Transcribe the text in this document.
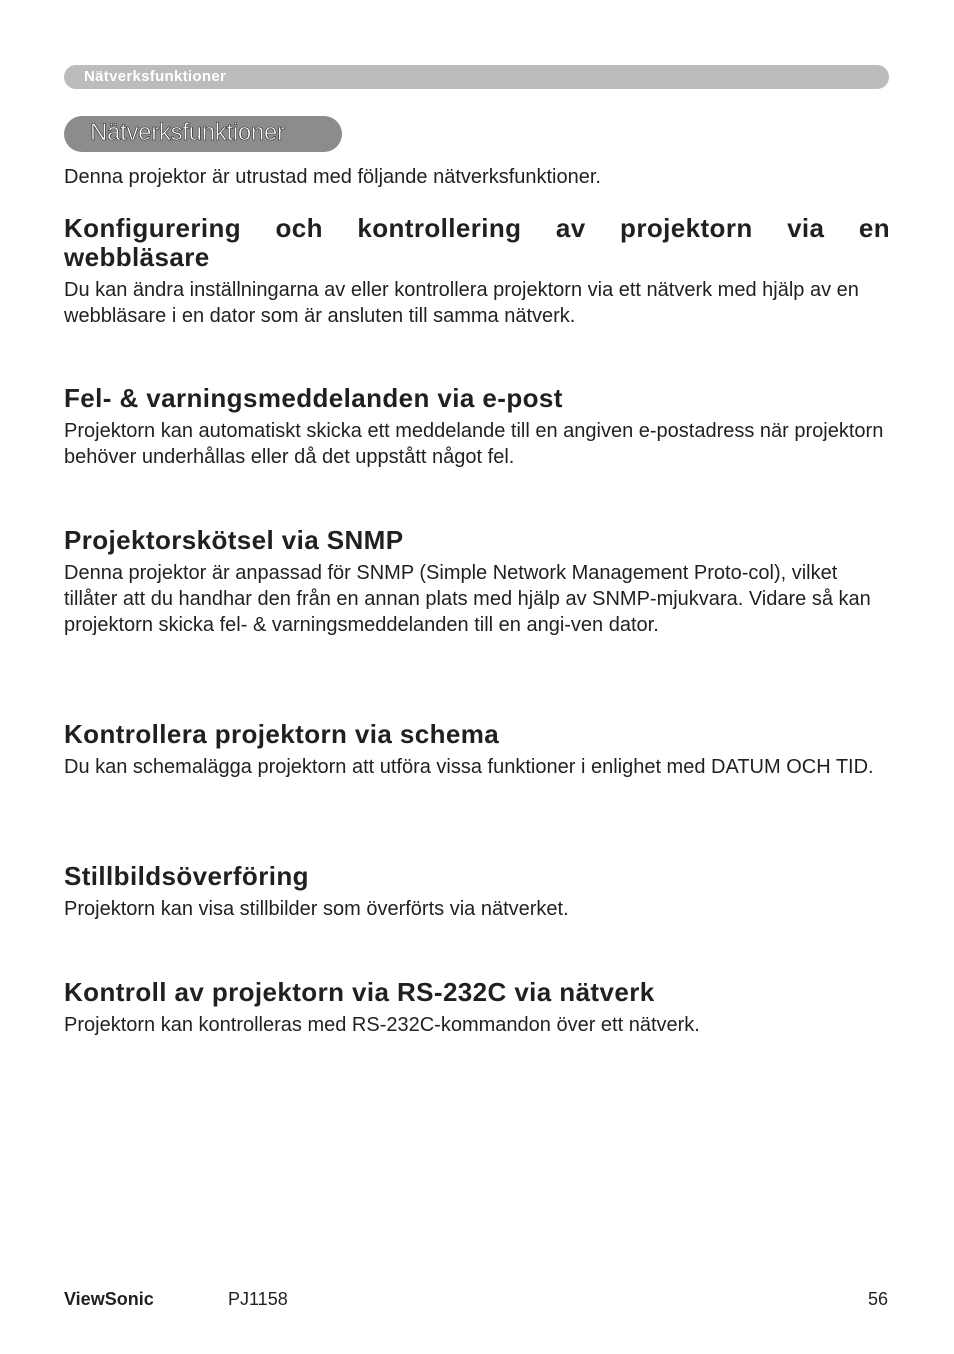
Nätverksfunktioner
Nätverksfunktioner
Denna projektor är utrustad med följande nätverksfunktioner.
Konfigurering och kontrollering av projektorn via en webbläsare

Du kan ändra inställningarna av eller kontrollera projektorn via ett nätverk med hjälp av en webbläsare i en dator som är ansluten till samma nätverk.

Fel- & varningsmeddelanden via e-post

Projektorn kan automatiskt skicka ett meddelande till en angiven e-postadress när projektorn behöver underhållas eller då det uppstått något fel.

Projektorskötsel via SNMP

Denna projektor är anpassad för SNMP (Simple Network Management Proto-col), vilket tillåter att du handhar den från en annan plats med hjälp av SNMP-mjukvara. Vidare så kan projektorn skicka fel- & varningsmeddelanden till en angi-ven dator.

Kontrollera projektorn via schema

Du kan schemalägga projektorn att utföra vissa funktioner i enlighet med DATUM OCH TID.

Stillbildsöverföring

Projektorn kan visa stillbilder som överförts via nätverket.

Kontroll av projektorn via RS-232C via nätverk

Projektorn kan kontrolleras med RS-232C-kommandon över ett nätverk.

ViewSonic	PJ1158	56
